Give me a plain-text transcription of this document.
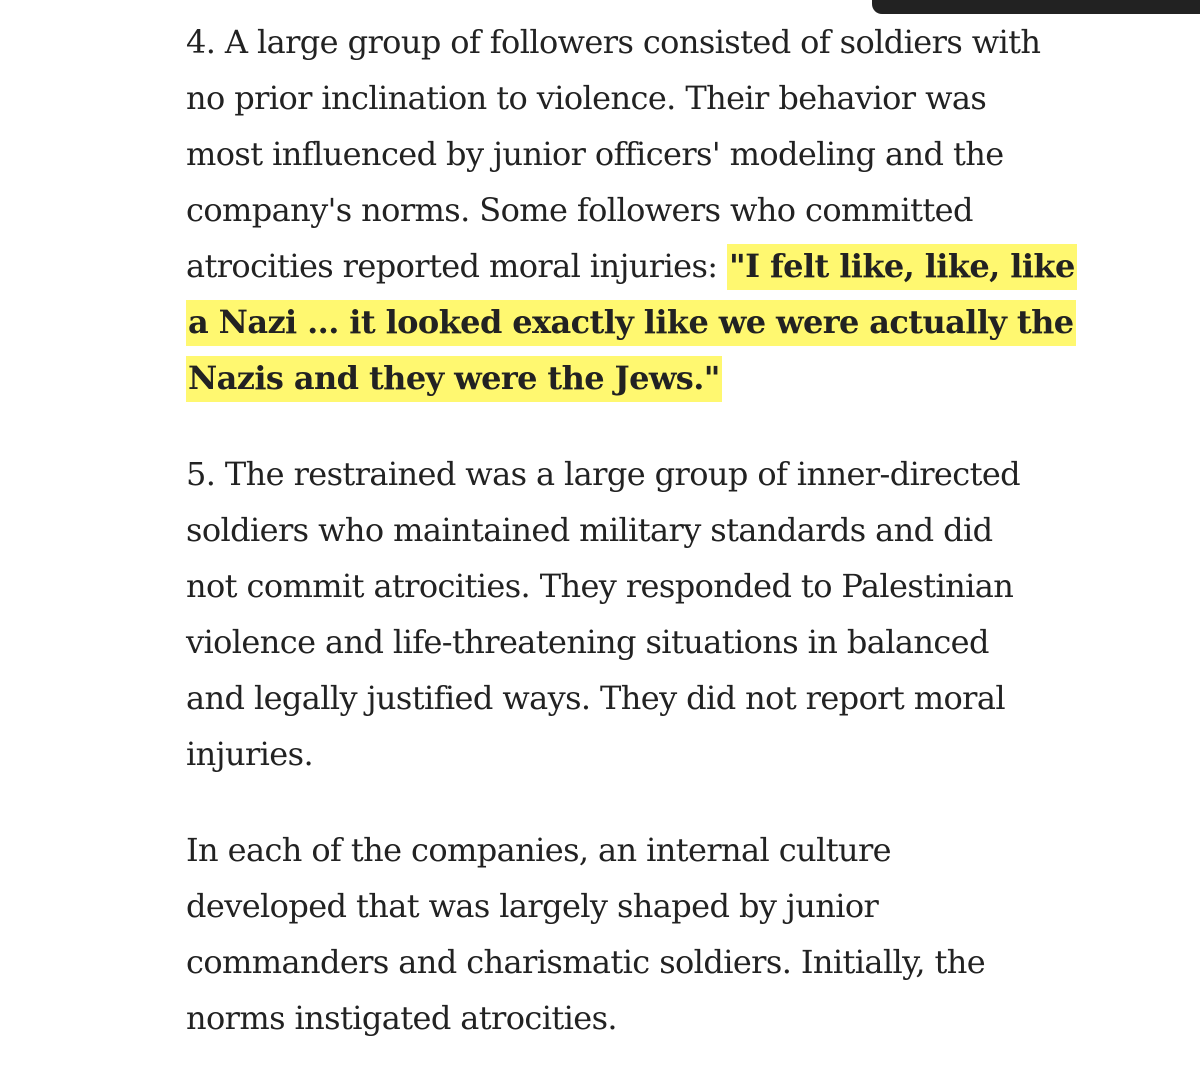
4. A large group of followers consisted of soldiers with
no prior inclination to violence. Their behavior was
most influenced by junior officers' modeling and the
company's norms. Some followers who committed
atrocities reported moral injuries: "I felt like, like, like
a Nazi ... it looked exactly like we were actually the
Nazis and they were the Jews."

5. The restrained was a large group of inner-directed
soldiers who maintained military standards and did
not commit atrocities. They responded to Palestinian
violence and life-threatening situations in balanced
and legally justified ways. They did not report moral
injuries.

In each of the companies, an internal culture
developed that was largely shaped by junior
commanders and charismatic soldiers. Initially, the
norms instigated atrocities.
